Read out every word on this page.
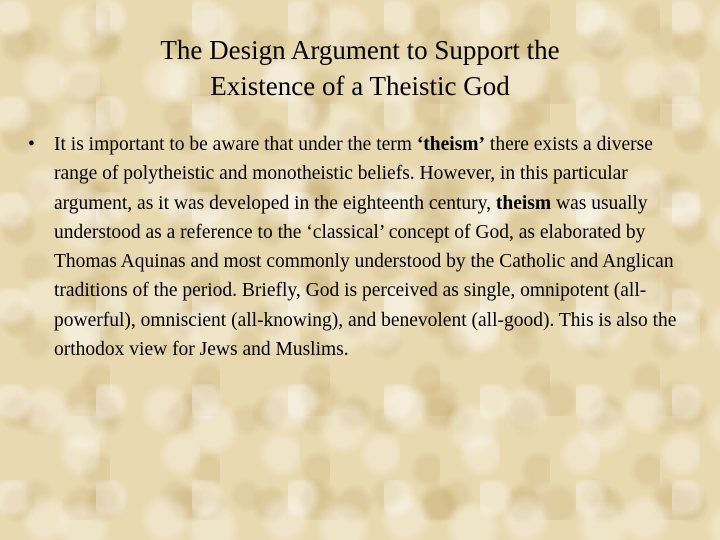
The Design Argument to Support the
Existence of a Theistic God
• It is important to be aware that under the term ‘theism’ there exists a diverse range of polytheistic and monotheistic beliefs. However, in this particular argument, as it was developed in the eighteenth century, theism was usually understood as a reference to the ‘classical’ concept of God, as elaborated by Thomas Aquinas and most commonly understood by the Catholic and Anglican traditions of the period. Briefly, God is perceived as single, omnipotent (all-powerful), omniscient (all-knowing), and benevolent (all-good). This is also the orthodox view for Jews and Muslims.
